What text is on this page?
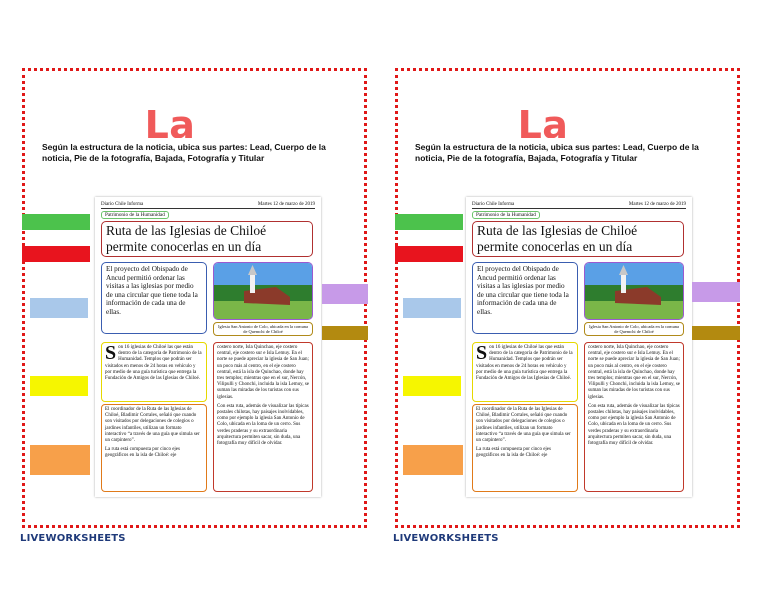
La
Según la estructura de la noticia, ubica sus partes: Lead, Cuerpo de la noticia, Pie de la fotografía, Bajada, Fotografía y Titular
Diario Chile Informa	Martes 12 de marzo de 2019
Patrimonio de la Humanidad
Ruta de las Iglesias de Chiloé permite conocerlas en un día
El proyecto del Obispado de Ancud permitió ordenar las visitas a las iglesias por medio de una circular que tiene toda la información de cada una de ellas.
Iglesia San Antonio de Colo, ubicada en la comuna de Quemchi de Chiloé
S on 16 iglesias de Chiloé las que están dentro de la categoría de Patrimonio de la Humanidad. Templos que podrán ser visitados en menos de 24 horas en vehículo y por medio de una guía turística que entrega la Fundación de Amigos de las Iglesias de Chiloé.

El coordinador de la Ruta de las Iglesias de Chiloé, Bladimir Corrales, señaló que cuando son visitados por delegaciones de colegios o jardines infantiles, utilizan un formato interactivo “a través de una guía que simula ser un carpintero”.

La ruta está compuesta por cinco ejes geográficos en la isla de Chiloé: eje

costero norte, Isla Quinchao, eje costero central, eje costero sur e Isla Lemuy. En el norte se puede apreciar la iglesia de San Juan; un poco más al centro, en el eje costero central, está la isla de Quinchao, donde hay tres templos; mientras que en el sur, Nercón, Vilipulli y Chonchi, incluida la isla Lemuy, se suman las miradas de los turistas con sus iglesias.

Con esta ruta, además de visualizar las típicas postales chilotas, hay paisajes inolvidables, como por ejemplo la iglesia San Antonio de Colo, ubicada en la loma de un cerro. Sus verdes praderas y su extraordinaria arquitectura permiten sacar, sin duda, una fotografía muy difícil de olvidar.

LIVEWORKSHEETS
La
Según la estructura de la noticia, ubica sus partes: Lead, Cuerpo de la noticia, Pie de la fotografía, Bajada, Fotografía y Titular
Diario Chile Informa	Martes 12 de marzo de 2019
Patrimonio de la Humanidad
Ruta de las Iglesias de Chiloé permite conocerlas en un día
El proyecto del Obispado de Ancud permitió ordenar las visitas a las iglesias por medio de una circular que tiene toda la información de cada una de ellas.
Iglesia San Antonio de Colo, ubicada en la comuna de Quemchi de Chiloé
S on 16 iglesias de Chiloé las que están dentro de la categoría de Patrimonio de la Humanidad. Templos que podrán ser visitados en menos de 24 horas en vehículo y por medio de una guía turística que entrega la Fundación de Amigos de las Iglesias de Chiloé.

El coordinador de la Ruta de las Iglesias de Chiloé, Bladimir Corrales, señaló que cuando son visitados por delegaciones de colegios o jardines infantiles, utilizan un formato interactivo “a través de una guía que simula ser un carpintero”.

La ruta está compuesta por cinco ejes geográficos en la isla de Chiloé: eje

costero norte, Isla Quinchao, eje costero central, eje costero sur e Isla Lemuy. En el norte se puede apreciar la iglesia de San Juan; un poco más al centro, en el eje costero central, está la isla de Quinchao, donde hay tres templos; mientras que en el sur, Nercón, Vilipulli y Chonchi, incluida la isla Lemuy, se suman las miradas de los turistas con sus iglesias.

Con esta ruta, además de visualizar las típicas postales chilotas, hay paisajes inolvidables, como por ejemplo la iglesia San Antonio de Colo, ubicada en la loma de un cerro. Sus verdes praderas y su extraordinaria arquitectura permiten sacar, sin duda, una fotografía muy difícil de olvidar.

LIVEWORKSHEETS
